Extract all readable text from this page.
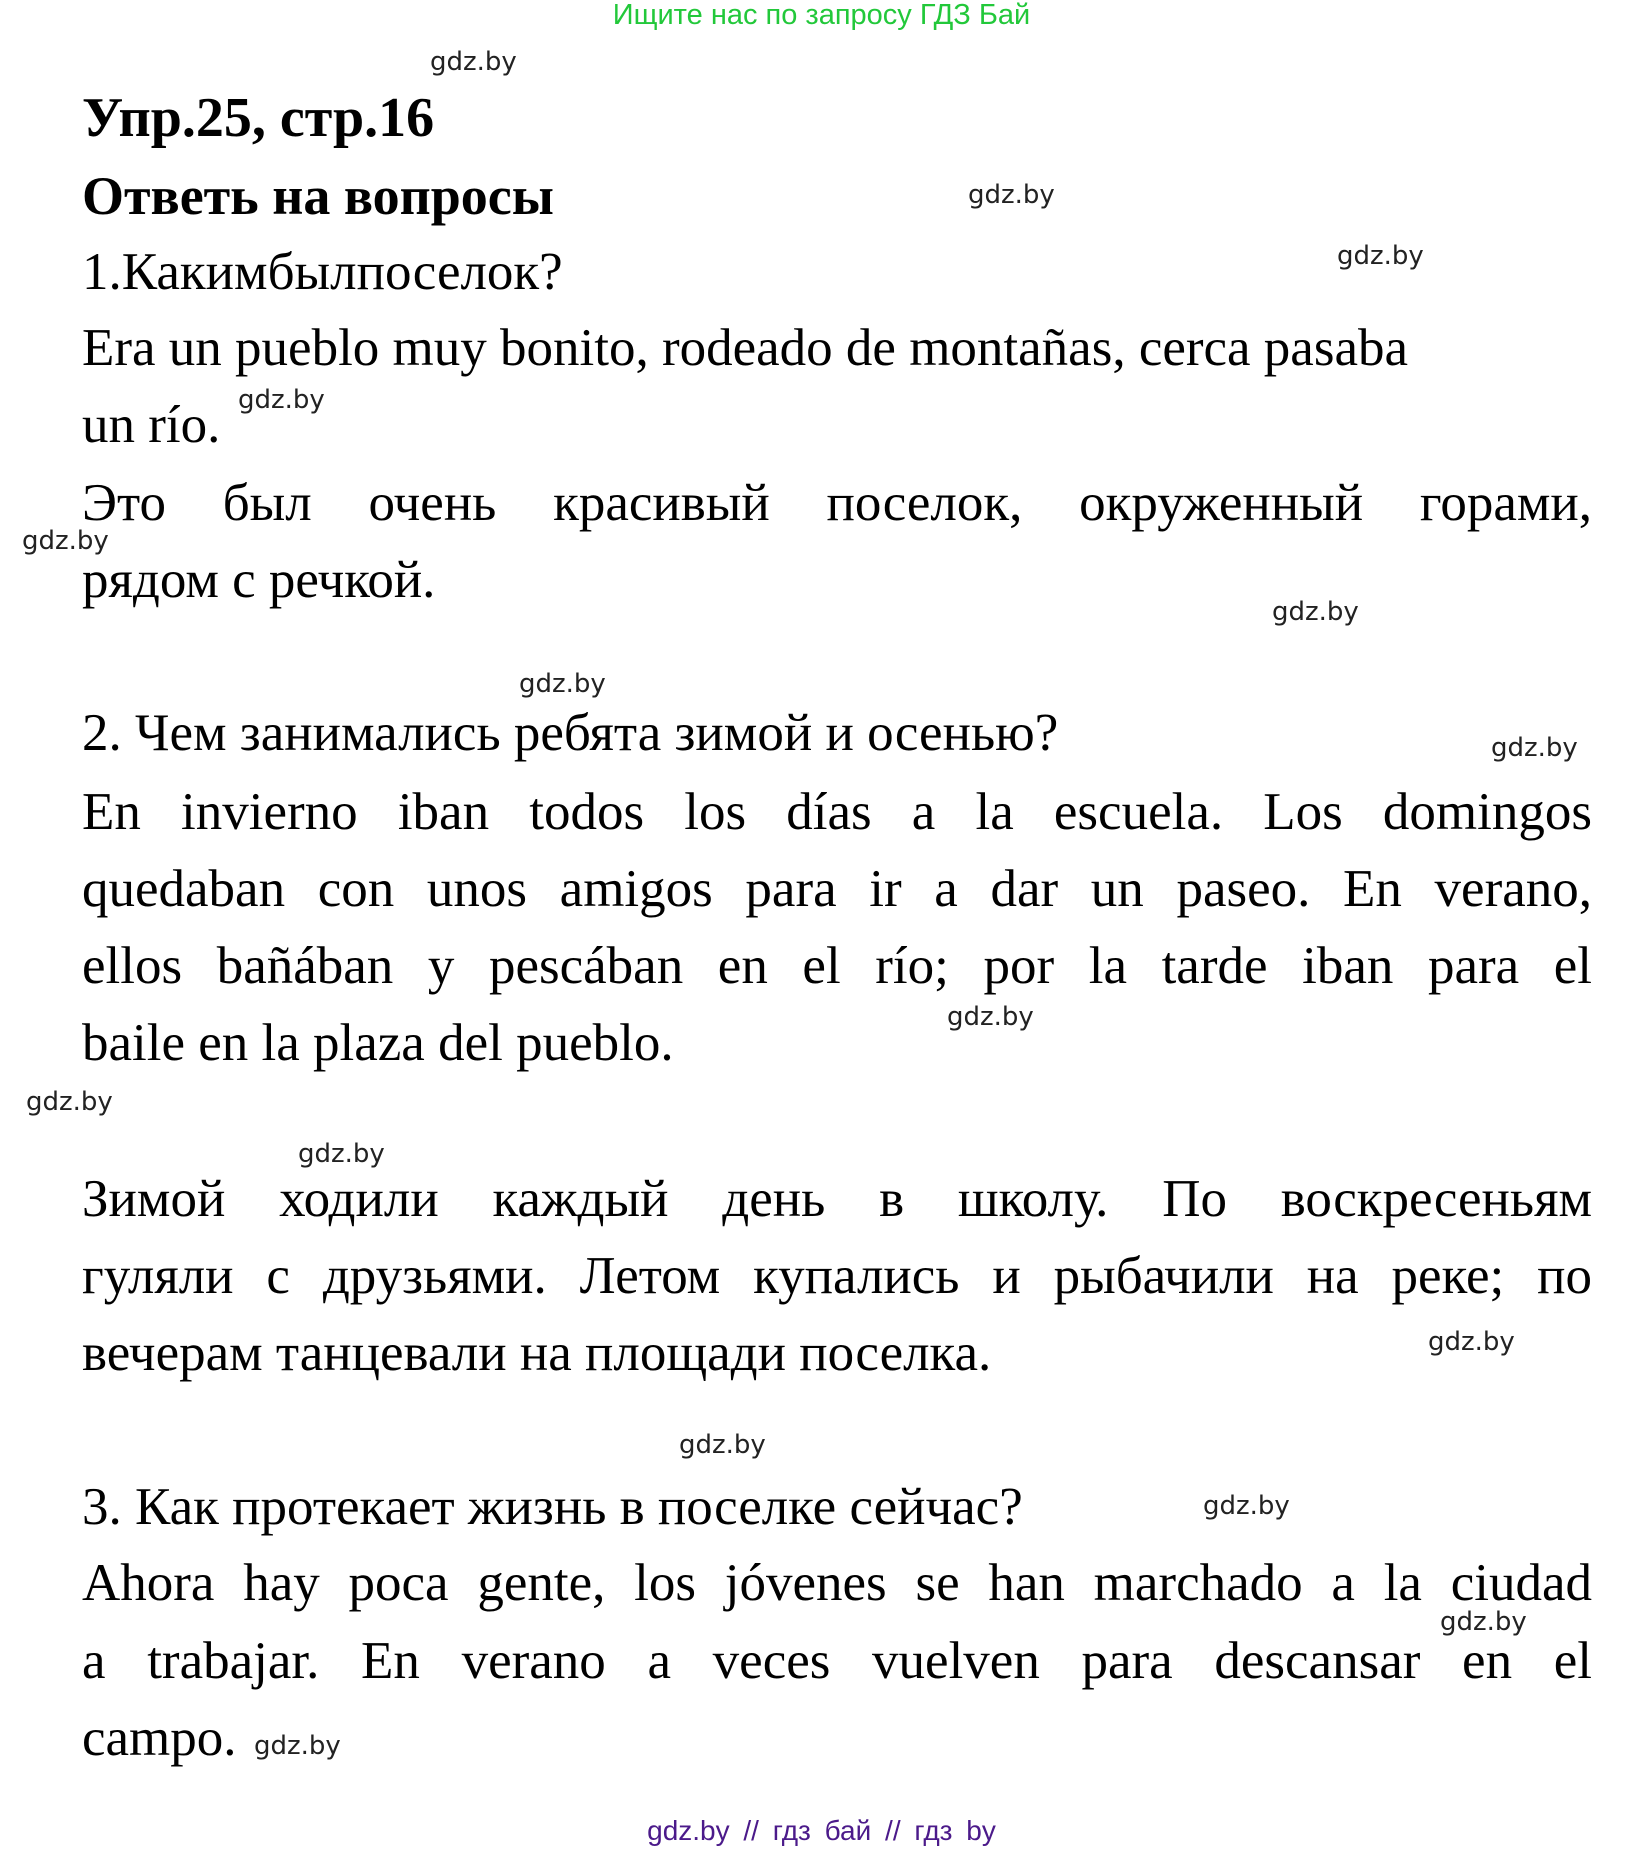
Ищите нас по запросу ГДЗ Бай
gdz.by
gdz.by
gdz.by
gdz.by
gdz.by
gdz.by
gdz.by
gdz.by
gdz.by
gdz.by
gdz.by
gdz.by
gdz.by
gdz.by
gdz.by
gdz.by
Упр.25, стр.16
Ответь на вопросы
1.Какимбылпоселок?
Era un pueblo muy bonito, rodeado de montañas, cerca pasaba
un río.
Это был очень красивый поселок, окруженный горами,
рядом с речкой.
2. Чем занимались ребята зимой и осенью?
En invierno iban todos los días a la escuela. Los domingos
quedaban con unos amigos para ir a dar un paseo. En verano,
ellos bañában y pescában en el río; por la tarde iban para el
baile en la plaza del pueblo.
Зимой ходили каждый день в школу. По воскресеньям
гуляли с друзьями. Летом купались и рыбачили на реке; по
вечерам танцевали на площади поселка.
3. Как протекает жизнь в поселке сейчас?
Ahora hay poca gente, los jóvenes se han marchado a la ciudad
a trabajar. En verano a veces vuelven para descansar en el
campo.
gdz.by // гдз бай // гдз by
